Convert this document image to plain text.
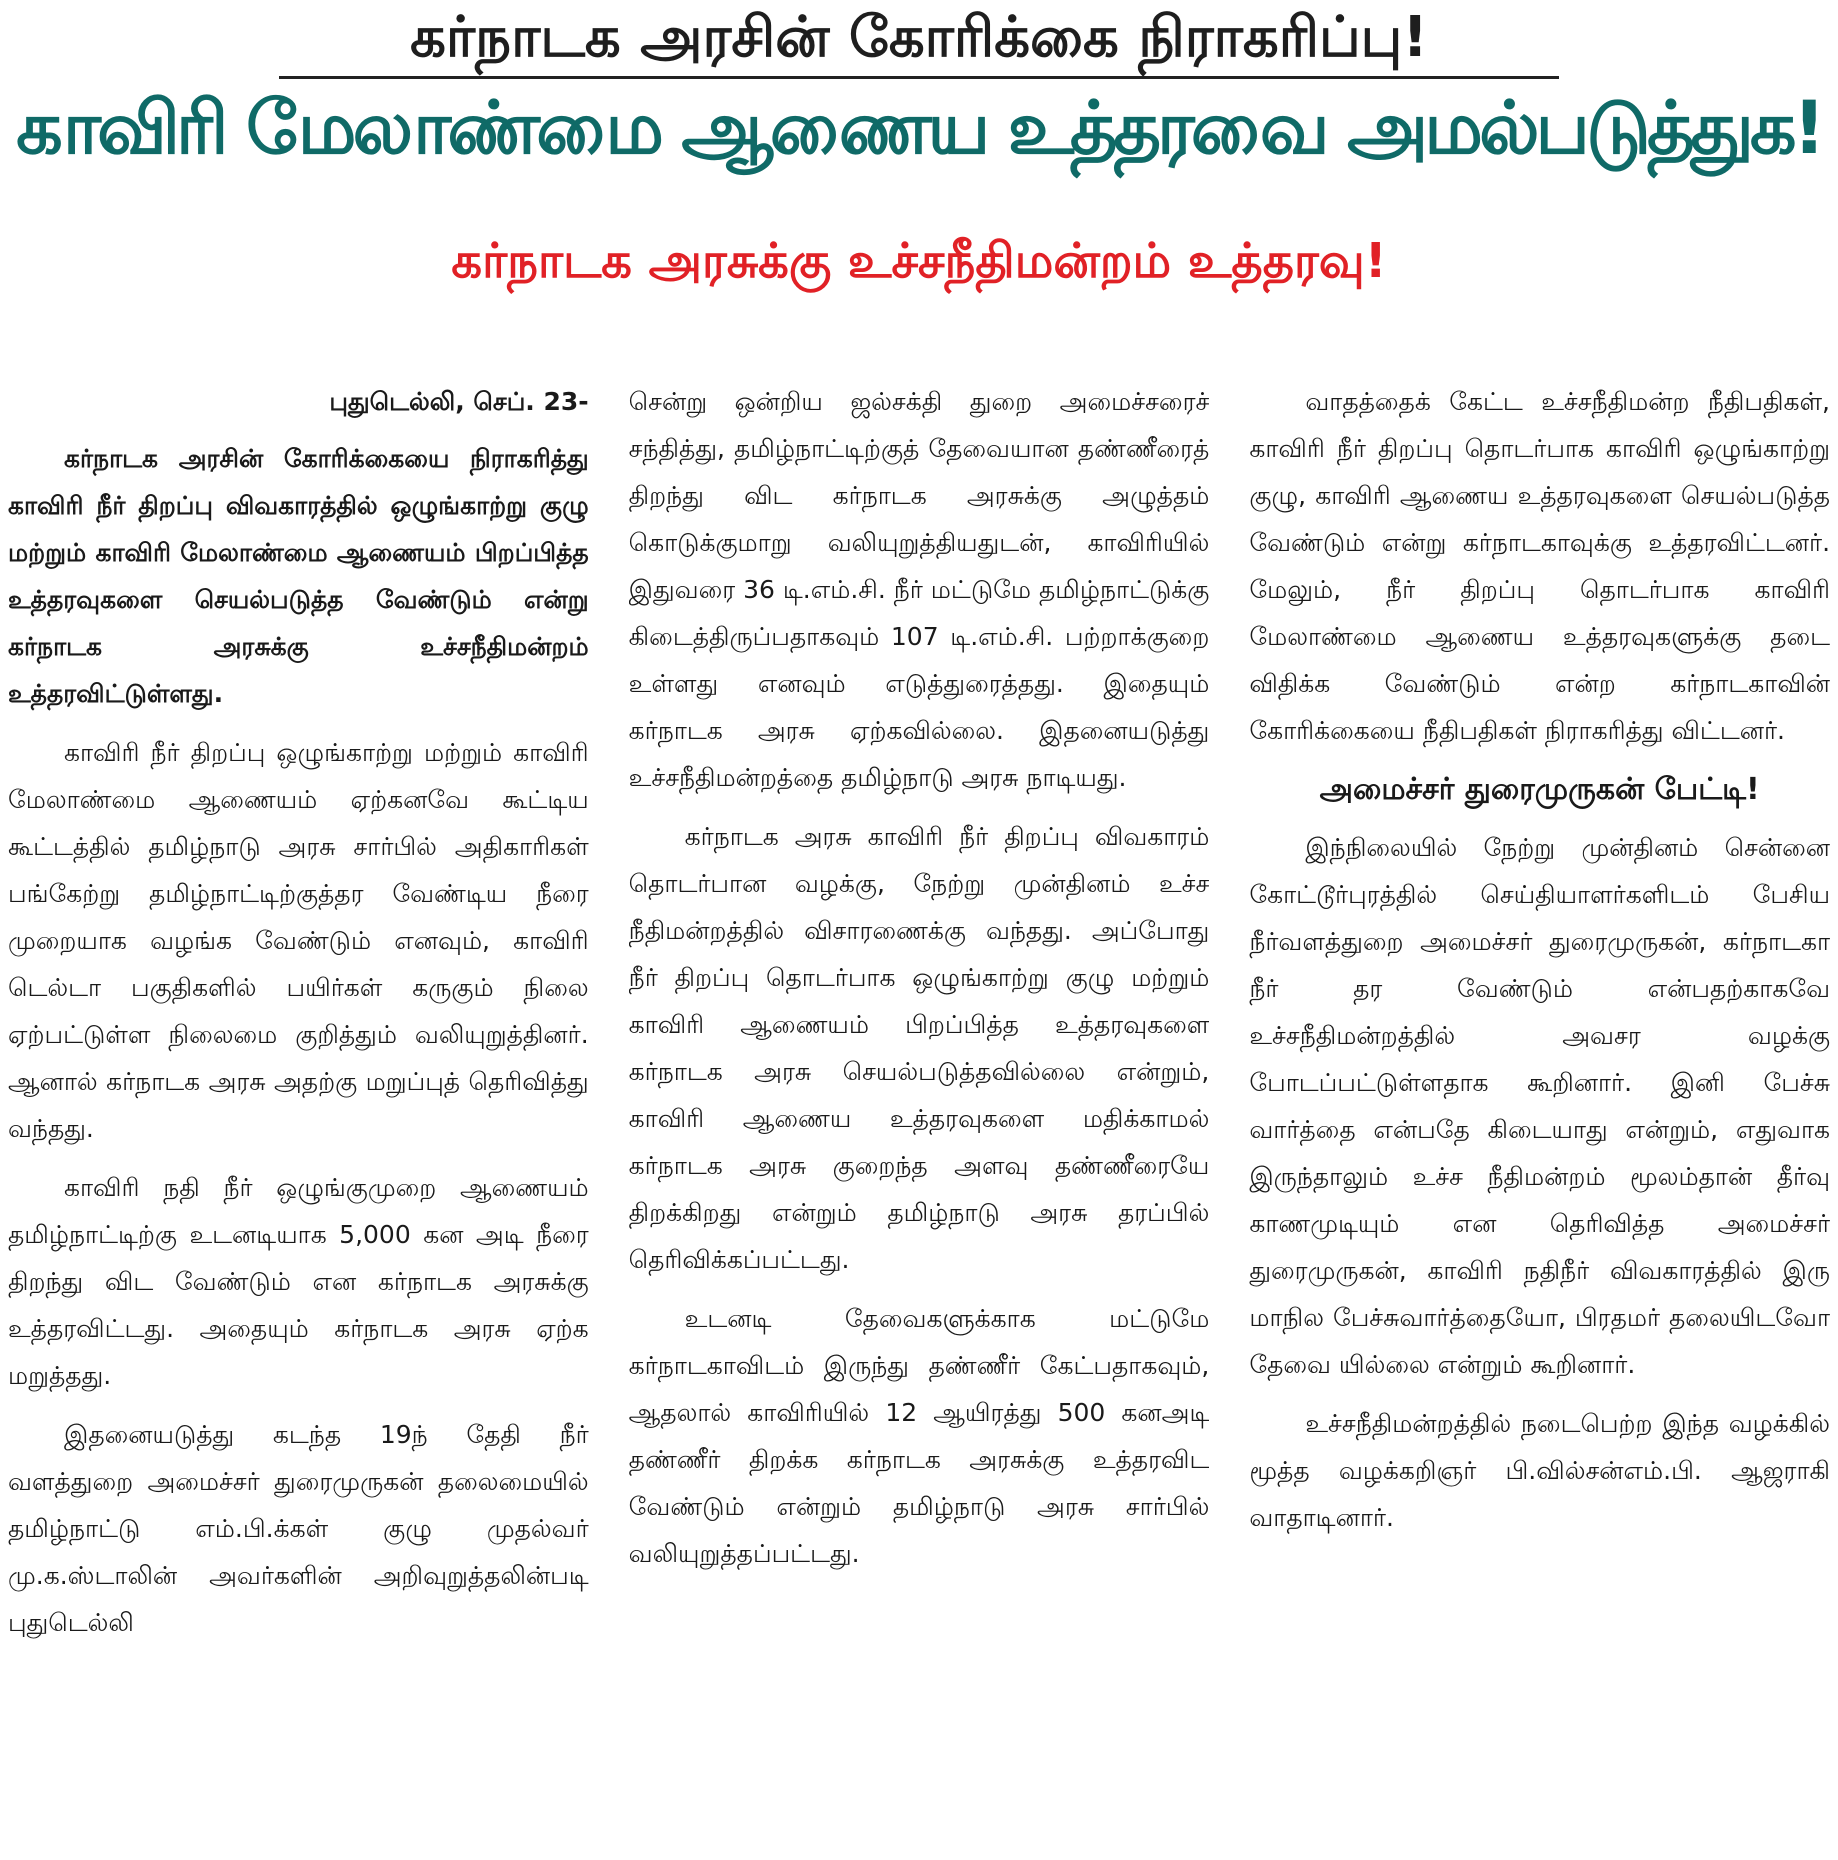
கர்நாடக அரசின் கோரிக்கை நிராகரிப்பு!
காவிரி மேலாண்மை ஆணைய உத்தரவை அமல்படுத்துக!
கர்நாடக அரசுக்கு உச்சநீதிமன்றம் உத்தரவு!
புதுடெல்லி, செப். 23-

கர்நாடக அரசின் கோரிக்கையை நிராகரித்து காவிரி நீர் திறப்பு விவகாரத்தில் ஒழுங்காற்று குழு மற்றும் காவிரி மேலாண்மை ஆணையம் பிறப்பித்த உத்தரவுகளை செயல்படுத்த வேண்டும் என்று கர்நாடக அரசுக்கு உச்சநீதிமன்றம் உத்தரவிட்டுள்ளது.

காவிரி நீர் திறப்பு ஒழுங்காற்று மற்றும் காவிரி மேலாண்மை ஆணையம் ஏற்கனவே கூட்டிய கூட்டத்தில் தமிழ்நாடு அரசு சார்பில் அதிகாரிகள் பங்கேற்று தமிழ்நாட்டிற்குத்தர வேண்டிய நீரை முறையாக வழங்க வேண்டும் எனவும், காவிரி டெல்டா பகுதிகளில் பயிர்கள் கருகும் நிலை ஏற்பட்டுள்ள நிலைமை குறித்தும் வலியுறுத்தினர். ஆனால் கர்நாடக அரசு அதற்கு மறுப்புத் தெரிவித்து வந்தது.

காவிரி நதி நீர் ஒழுங்குமுறை ஆணையம் தமிழ்நாட்டிற்கு உடனடியாக 5,000 கன அடி நீரை திறந்து விட வேண்டும் என கர்நாடக அரசுக்கு உத்தரவிட்டது. அதையும் கர்நாடக அரசு ஏற்க மறுத்தது.

இதனையடுத்து கடந்த 19ந் தேதி நீர் வளத்துறை அமைச்சர் துரைமுருகன் தலைமையில் தமிழ்நாட்டு எம்.பி.க்கள் குழு முதல்வர் மு.க.ஸ்டாலின் அவர்களின் அறிவுறுத்தலின்படி புதுடெல்லி

சென்று ஒன்றிய ஜல்சக்தி துறை அமைச்சரைச் சந்தித்து, தமிழ்நாட்டிற்குத் தேவையான தண்ணீரைத் திறந்து விட கர்நாடக அரசுக்கு அழுத்தம் கொடுக்குமாறு வலியுறுத்தியதுடன், காவிரியில் இதுவரை 36 டி.எம்.சி. நீர் மட்டுமே தமிழ்நாட்டுக்கு கிடைத்திருப்பதாகவும் 107 டி.எம்.சி. பற்றாக்குறை உள்ளது எனவும் எடுத்துரைத்தது. இதையும் கர்நாடக அரசு ஏற்கவில்லை. இதனையடுத்து உச்சநீதிமன்றத்தை தமிழ்நாடு அரசு நாடியது.

கர்நாடக அரசு காவிரி நீர் திறப்பு விவகாரம் தொடர்பான வழக்கு, நேற்று முன்தினம் உச்ச நீதிமன்றத்தில் விசாரணைக்கு வந்தது. அப்போது நீர் திறப்பு தொடர்பாக ஒழுங்காற்று குழு மற்றும் காவிரி ஆணையம் பிறப்பித்த உத்தரவுகளை கர்நாடக அரசு செயல்படுத்தவில்லை என்றும், காவிரி ஆணைய உத்தரவுகளை மதிக்காமல் கர்நாடக அரசு குறைந்த அளவு தண்ணீரையே திறக்கிறது என்றும் தமிழ்நாடு அரசு தரப்பில் தெரிவிக்கப்பட்டது.

உடனடி தேவைகளுக்காக மட்டுமே கர்நாடகாவிடம் இருந்து தண்ணீர் கேட்பதாகவும், ஆதலால் காவிரியில் 12 ஆயிரத்து 500 கனஅடி தண்ணீர் திறக்க கர்நாடக அரசுக்கு உத்தரவிட வேண்டும் என்றும் தமிழ்நாடு அரசு சார்பில் வலியுறுத்தப்பட்டது.

வாதத்தைக் கேட்ட உச்சநீதிமன்ற நீதிபதிகள், காவிரி நீர் திறப்பு தொடர்பாக காவிரி ஒழுங்காற்று குழு, காவிரி ஆணைய உத்தரவுகளை செயல்படுத்த வேண்டும் என்று கர்நாடகாவுக்கு உத்தரவிட்டனர். மேலும், நீர் திறப்பு தொடர்பாக காவிரி மேலாண்மை ஆணைய உத்தரவுகளுக்கு தடை விதிக்க வேண்டும் என்ற கர்நாடகாவின் கோரிக்கையை நீதிபதிகள் நிராகரித்து விட்டனர்.

அமைச்சர் துரைமுருகன் பேட்டி!

இந்நிலையில் நேற்று முன்தினம் சென்னை கோட்டூர்புரத்தில் செய்தியாளர்களிடம் பேசிய நீர்வளத்துறை அமைச்சர் துரைமுருகன், கர்நாடகா நீர் தர வேண்டும் என்பதற்காகவே உச்சநீதிமன்றத்தில் அவசர வழக்கு போடப்பட்டுள்ளதாக கூறினார். இனி பேச்சு வார்த்தை என்பதே கிடையாது என்றும், எதுவாக இருந்தாலும் உச்ச நீதிமன்றம் மூலம்தான் தீர்வு காணமுடியும் என தெரிவித்த அமைச்சர் துரைமுருகன், காவிரி நதிநீர் விவகாரத்தில் இரு மாநில பேச்சுவார்த்தையோ, பிரதமர் தலையிடவோ தேவை யில்லை என்றும் கூறினார்.

உச்சநீதிமன்றத்தில் நடைபெற்ற இந்த வழக்கில் மூத்த வழக்கறிஞர் பி.வில்சன்எம்.பி. ஆஜராகி வாதாடினார்.
